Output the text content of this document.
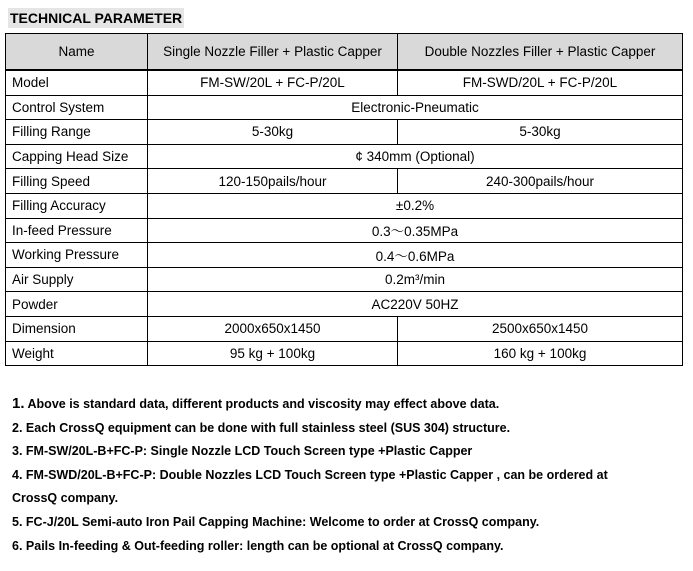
TECHNICAL PARAMETER
Name	Single Nozzle Filler + Plastic Capper	Double Nozzles Filler + Plastic Capper
Model	FM-SW/20L + FC-P/20L	FM-SWD/20L + FC-P/20L
Control System	Electronic-Pneumatic	
Filling Range	5-30kg	5-30kg
Capping Head Size	¢ 340mm (Optional)	
Filling Speed	120-150pails/hour	240-300pails/hour
Filling Accuracy	±0.2%	
In-feed Pressure	0.3～0.35MPa	
Working Pressure	0.4～0.6MPa	
Air Supply	0.2m³/min	
Powder	AC220V 50HZ	
Dimension	2000x650x1450	2500x650x1450
Weight	95 kg + 100kg	160 kg + 100kg
1. Above is standard data, different products and viscosity may effect above data.
2. Each CrossQ equipment can be done with full stainless steel (SUS 304) structure.
3. FM-SW/20L-B+FC-P: Single Nozzle LCD Touch Screen type +Plastic Capper
4. FM-SWD/20L-B+FC-P: Double Nozzles LCD Touch Screen type +Plastic Capper , can be ordered at
CrossQ company.
5. FC-J/20L Semi-auto Iron Pail Capping Machine: Welcome to order at CrossQ company.
6. Pails In-feeding & Out-feeding roller: length can be optional at CrossQ company.
